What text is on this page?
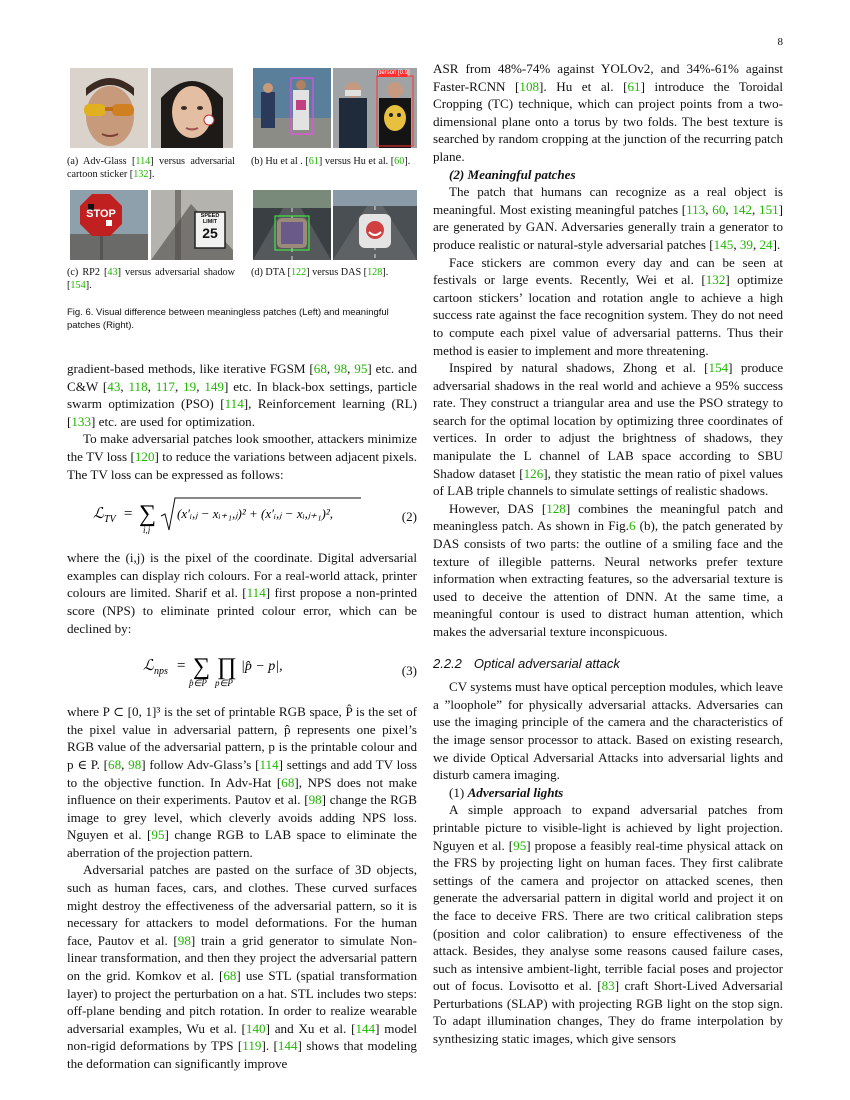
8
(a) Adv-Glass [114] versus adversarial cartoon sticker [132].
person [0.9]
(b) Hu et al . [61] versus Hu et al. [60].
STOP	SPEED
LIMIT
25
(c) RP2 [43] versus adversarial shadow [154].
(d) DTA [122] versus DAS [128].
Fig. 6. Visual difference between meaningless patches (Left) and meaningful patches (Right).

gradient-based methods, like iterative FGSM [68, 98, 95] etc. and C&W [43, 118, 117, 19, 149] etc. In black-box settings, particle swarm optimization (PSO) [114], Reinforcement learning (RL) [133] etc. are used for optimization.

To make adversarial patches look smoother, attackers minimize the TV loss [120] to reduce the variations between adjacent pixels. The TV loss can be expressed as follows:

ℒ TV = ∑
i,j
(x′ᵢ,ⱼ − xᵢ₊₁,ⱼ)² + (x′ᵢ,ⱼ − xᵢ,ⱼ₊₁)²,	(2)

where the (i,j) is the pixel of the coordinate. Digital adversarial examples can display rich colours. For a real-world attack, printer colours are limited. Sharif et al. [114] first propose a non-printed score (NPS) to eliminate printed colour error, which can be declined by:

ℒ nps = ∑
p̂∈P̂
∏
p∈P
|p̂ − p|,	(3)

where P ⊂ [0, 1]³ is the set of printable RGB space, P̂ is the set of the pixel value in adversarial pattern, p̂ represents one pixel’s RGB value of the adversarial pattern, p is the printable colour and p ∈ P. [68, 98] follow Adv-Glass’s [114] settings and add TV loss to the objective function. In Adv-Hat [68], NPS does not make influence on their experiments. Pautov et al. [98] change the RGB image to grey level, which cleverly avoids adding NPS loss. Nguyen et al. [95] change RGB to LAB space to eliminate the aberration of the projection pattern.

Adversarial patches are pasted on the surface of 3D objects, such as human faces, cars, and clothes. These curved surfaces might destroy the effectiveness of the adversarial pattern, so it is necessary for attackers to model deformations. For the human face, Pautov et al. [98] train a grid generator to simulate Non-linear transformation, and then they project the adversarial pattern on the grid. Komkov et al. [68] use STL (spatial transformation layer) to project the perturbation on a hat. STL includes two steps: off-plane bending and pitch rotation. In order to realize wearable adversarial examples, Wu et al. [140] and Xu et al. [144] model non-rigid deformations by TPS [119]. [144] shows that modeling the deformation can significantly improve

ASR from 48%-74% against YOLOv2, and 34%-61% against Faster-RCNN [108]. Hu et al. [61] introduce the Toroidal Cropping (TC) technique, which can project points from a two-dimensional plane onto a torus by two folds. The best texture is searched by random cropping at the junction of the recurring patch plane.

(2) Meaningful patches

The patch that humans can recognize as a real object is meaningful. Most existing meaningful patches [113, 60, 142, 151] are generated by GAN. Adversaries generally train a generator to produce realistic or natural-style adversarial patches [145, 39, 24].

Face stickers are common every day and can be seen at festivals or large events. Recently, Wei et al. [132] optimize cartoon stickers’ location and rotation angle to achieve a high success rate against the face recognition system. They do not need to compute each pixel value of adversarial patterns. Thus their method is easier to implement and more threatening.

Inspired by natural shadows, Zhong et al. [154] produce adversarial shadows in the real world and achieve a 95% success rate. They construct a triangular area and use the PSO strategy to search for the optimal location by optimizing three coordinates of vertices. In order to adjust the brightness of shadows, they manipulate the L channel of LAB space according to SBU Shadow dataset [126], they statistic the mean ratio of pixel values of LAB triple channels to simulate settings of realistic shadows.

However, DAS [128] combines the meaningful patch and meaningless patch. As shown in Fig.6 (b), the patch generated by DAS consists of two parts: the outline of a smiling face and the texture of illegible patterns. Neural networks prefer texture information when extracting features, so the adversarial texture is used to deceive the attention of DNN. At the same time, a meaningful contour is used to distract human attention, which makes the adversarial texture inconspicuous.

2.2.2 Optical adversarial attack

CV systems must have optical perception modules, which leave a ”loophole” for physically adversarial attacks. Adversaries can use the imaging principle of the camera and the characteristics of the image sensor processor to attack. Based on existing research, we divide Optical Adversarial Attacks into adversarial lights and disturb camera imaging.

(1) Adversarial lights

A simple approach to expand adversarial patches from printable picture to visible-light is achieved by light projection. Nguyen et al. [95] propose a feasibly real-time physical attack on the FRS by projecting light on human faces. They first calibrate settings of the camera and projector on attacked scenes, then generate the adversarial pattern in digital world and project it on the face to deceive FRS. There are two critical calibration steps (position and color calibration) to ensure effectiveness of the attack. Besides, they analyse some reasons caused failure cases, such as intensive ambient-light, terrible facial poses and projector out of focus. Lovisotto et al. [83] craft Short-Lived Adversarial Perturbations (SLAP) with projecting RGB light on the stop sign. To adapt illumination changes, They do frame interpolation by synthesizing static images, which give sensors
